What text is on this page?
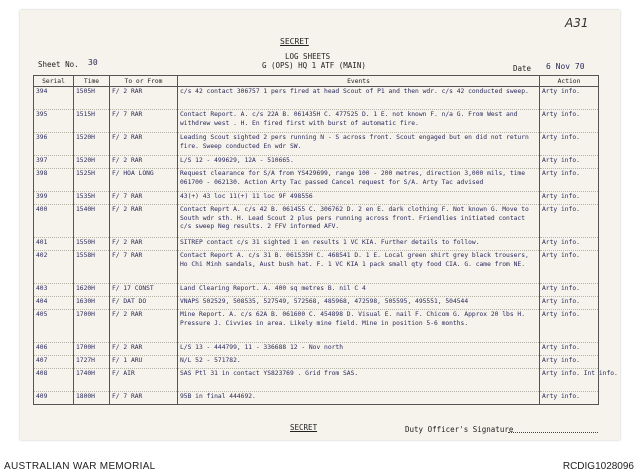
A31
SECRET
LOG SHEETS
G (OPS) HQ 1 ATF (MAIN)
Sheet No. 30
Date 6 Nov 70
Serial	Time	To or From	Events	Action
394	1505H	F/ 2 RAR	c/s 42 contact 306757 1 pers fired at head Scout of P1 and then wdr. c/s 42 conducted sweep.	Arty info.
395	1515H	F/ 7 RAR	Contact Report. A. c/s 22A B. 061435H C. 477525 D. 1 E. not known F. n/a G. From West and withdrew west . H. En fired first with burst of automatic fire.	Arty info.
396	1520H	F/ 2 RAR	Leading Scout sighted 2 pers running N - S across front. Scout engaged but en did not return fire. Sweep conducted En wdr SW.	Arty info.
397	1520H	F/ 2 RAR	L/S 12 - 499629, 12A - 510665.	Arty info.
398	1525H	F/ HOA LONG	Request clearance for S/A from YS429699, range 100 - 200 metres, direction 3,000 mils, time 061700 - 062130. Action Arty Tac passed Cancel request for S/A. Arty Tac advised	Arty info.
399	1535H	F/ 7 RAR	43(+) 43 loc 11(+) 11 loc 9F 498556	Arty info.
400	1540H	F/ 2 RAR	Contact Reprt A. c/s 42 B. 061455 C. 306762 D. 2 en E. dark clothing F. Not known G. Move to South wdr sth. H. Lead Scout 2 plus pers running across front. Friendlies initiated contact c/s sweep Neg results. 2 FFV informed AFV.	Arty info.
401	1550H	F/ 2 RAR	SITREP contact c/s 31 sighted 1 en results 1 VC KIA. Further details to follow.	Arty info.
402	1558H	F/ 7 RAR	Contact Report A. c/s 31 B. 061535H C. 468541 D. 1 E. Local green shirt grey black trousers, Ho Chi Minh sandals, Aust bush hat. F. 1 VC KIA 1 pack small qty food CIA. G. came from NE.	Arty info.
403	1620H	F/ 17 CONST	Land Clearing Report. A. 400 sq metres B. nil C 4	Arty info.
404	1630H	F/ DAT DO	VNAPS 502529, 508535, 527549, 572568, 485968, 472598, 505595, 495551, 504544	Arty info.
405	1700H	F/ 2 RAR	Mine Report. A. c/s 62A B. 061600 C. 454898 D. Visual E. nail F. Chicom G. Approx 20 lbs H. Pressure J. Civvies in area. Likely mine field. Mine in position 5-6 months.	Arty info.
406	1700H	F/ 2 RAR	L/S 13 - 444799, 11 - 336688 12 - Nov north	Arty info.
407	1727H	F/ 1 ARU	N/L 52 - 571782.	Arty info.
408	1740H	F/ AIR	SAS Ptl 31 in contact YS823769 . Grid from SAS.	Arty info. Int info.
409	1800H	F/ 7 RAR	95B in final 444692.	Arty info.
SECRET	Duty Officer's Signature
AUSTRALIAN WAR MEMORIAL	RCDIG1028096
